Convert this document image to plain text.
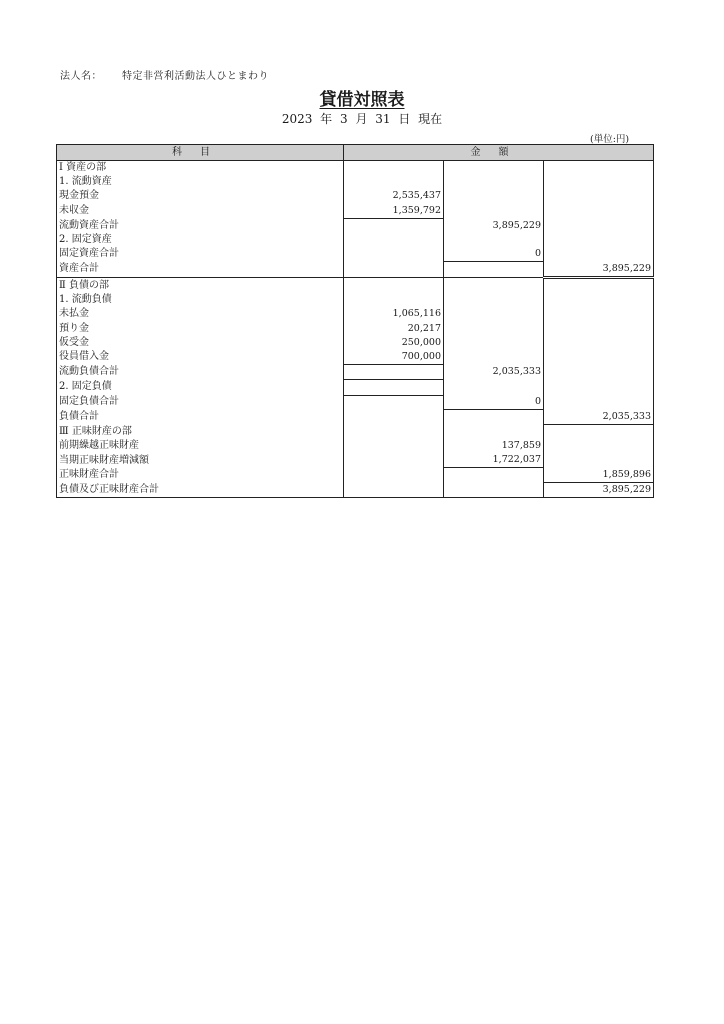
法人名： 特定非営利活動法人ひとまわり
貸借対照表
2023 年 3 月 31 日 現在
(単位:円)
科目	金額		
Ⅰ 資産の部			
1. 流動資産			
現金預金	2,535,437		
未収金	1,359,792		
流動資産合計		3,895,229	
2. 固定資産			
固定資産合計		0	
資産合計			3,895,229
Ⅱ 負債の部			
1. 流動負債			
未払金	1,065,116		
預り金	20,217		
仮受金	250,000		
役員借入金	700,000		
流動負債合計		2,035,333	
2. 固定負債			
固定負債合計		0	
負債合計			2,035,333
Ⅲ 正味財産の部			
前期繰越正味財産		137,859	
当期正味財産増減額		1,722,037	
正味財産合計			1,859,896
負債及び正味財産合計			3,895,229
